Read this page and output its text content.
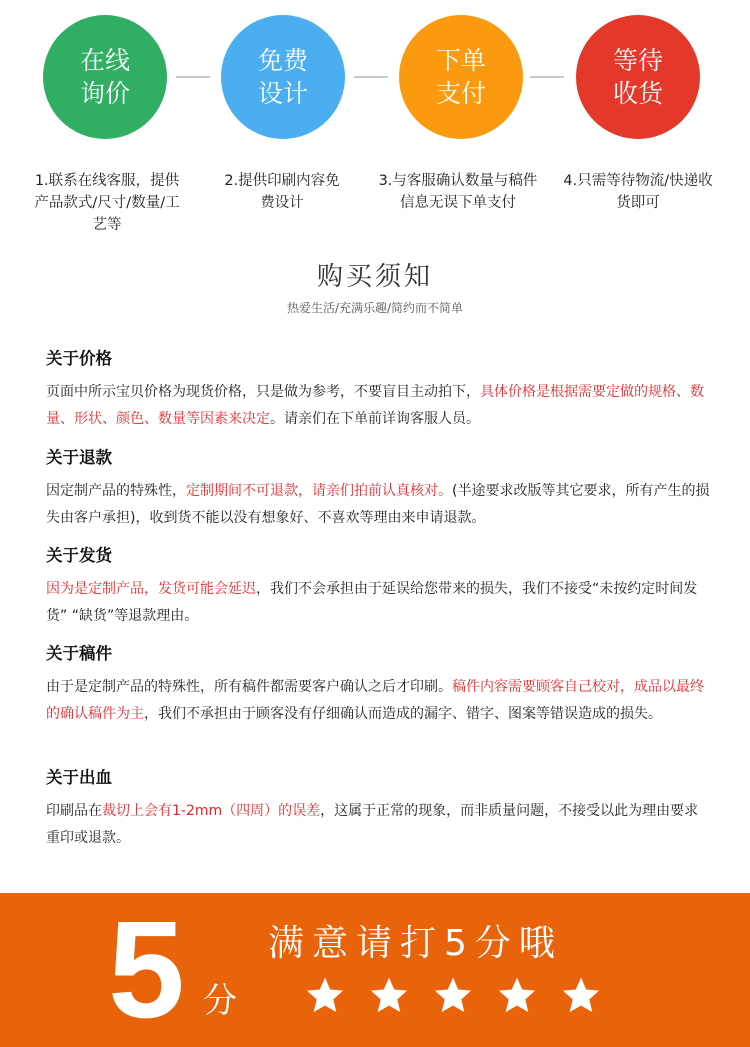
在线
询价
免费
设计
下单
支付
等待
收货
1.联系在线客服，提供产品款式/尺寸/数量/工艺等
2.提供印刷内容免费设计
3.与客服确认数量与稿件信息无误下单支付
4.只需等待物流/快递收货即可
购买须知
热爱生活/充满乐趣/简约而不简单
关于价格

页面中所示宝贝价格为现货价格，只是做为参考，不要盲目主动拍下，具体价格是根据需要定做的规格、数量、形状、颜色、数量等因素来决定。请亲们在下单前详询客服人员。

关于退款

因定制产品的特殊性，定制期间不可退款，请亲们拍前认真核对。(半途要求改版等其它要求，所有产生的损失由客户承担)，收到货不能以没有想象好、不喜欢等理由来申请退款。

关于发货

因为是定制产品，发货可能会延迟，我们不会承担由于延误给您带来的损失，我们不接受“未按约定时间发货” “缺货”等退款理由。

关于稿件

由于是定制产品的特殊性，所有稿件都需要客户确认之后才印刷。稿件内容需要顾客自己校对，成品以最终的确认稿件为主，我们不承担由于顾客没有仔细确认而造成的漏字、错字、图案等错误造成的损失。

关于出血

印刷品在裁切上会有1-2mm（四周）的误差，这属于正常的现象，而非质量问题，不接受以此为理由要求重印或退款。

5 分
满意请打5分哦
